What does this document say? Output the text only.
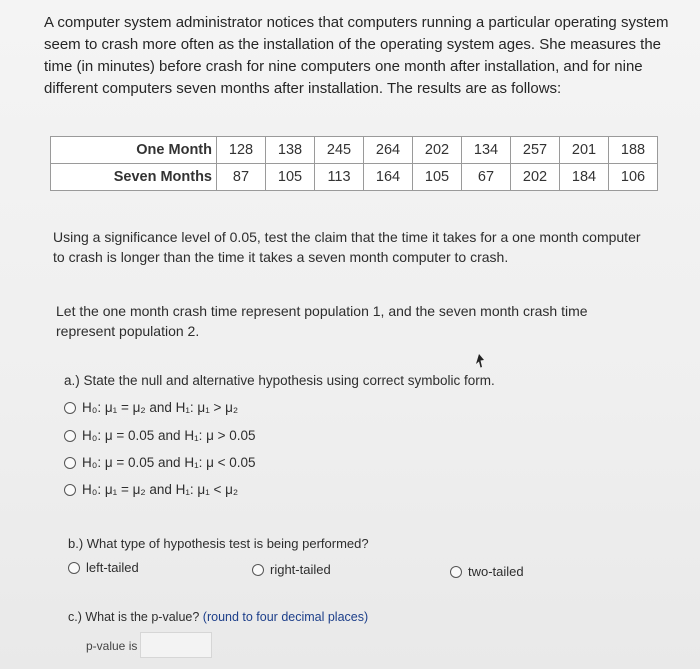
A computer system administrator notices that computers running a particular operating system seem to crash more often as the installation of the operating system ages. She measures the time (in minutes) before crash for nine computers one month after installation, and for nine different computers seven months after installation. The results are as follows:
One Month	128	138	245	264	202	134	257	201	188
Seven Months	87	105	113	164	105	67	202	184	106
Using a significance level of 0.05, test the claim that the time it takes for a one month computer to crash is longer than the time it takes a seven month computer to crash.
Let the one month crash time represent population 1, and the seven month crash time represent population 2.
a.) State the null and alternative hypothesis using correct symbolic form.
H₀: μ₁ = μ₂ and H₁: μ₁ > μ₂
H₀: μ = 0.05 and H₁: μ > 0.05
H₀: μ = 0.05 and H₁: μ < 0.05
H₀: μ₁ = μ₂ and H₁: μ₁ < μ₂
b.) What type of hypothesis test is being performed?
left-tailed	right-tailed	two-tailed
c.) What is the p-value? (round to four decimal places)
p-value is
